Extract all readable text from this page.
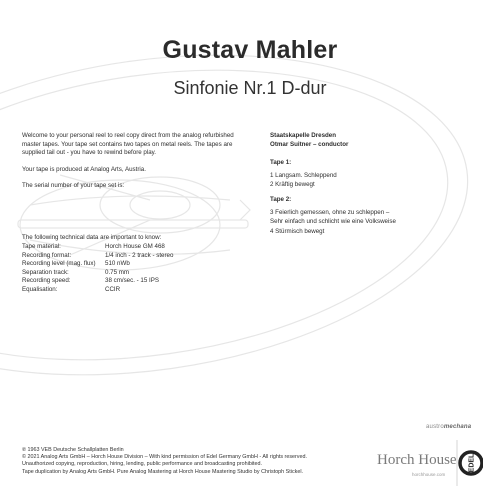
Gustav Mahler
Sinfonie Nr.1 D-dur
Welcome to your personal reel to reel copy direct from the analog refurbished master tapes. Your tape set contains two tapes on metal reels. The tapes are supplied tail out - you have to rewind before play.
Your tape is produced at Analog Arts, Austria.
The serial number of your tape set is:
The following technical data are important to know:
Tape material:	Horch House GM 468
Recording format:	1/4 inch - 2 track - stereo
Recording level (mag. flux)	510 nWb
Separation track:	0.75 mm
Recording speed:	38 cm/sec. - 15 IPS
Equalisation:	CCIR
Staatskapelle Dresden
Otmar Suitner – conductor
Tape 1:
1 Langsam. Schleppend
2 Kräftig bewegt
Tape 2:
3 Feierlich gemessen, ohne zu schleppen –
Sehr einfach und schlicht wie eine Volksweise
4 Stürmisch bewegt
℗ 1963 VEB Deutsche Schallplatten Berlin
© 2021 Analog Arts GmbH – Horch House Division – With kind permission of Edel Germany GmbH - All rights reserved.
Unauthorized copying, reproduction, hiring, lending, public performance and broadcasting prohibited.
Tape duplication by Analog Arts GmbH. Pure Analog Mastering at Horch House Mastering Studio by Christoph Stickel.
austromechana
Horch House
horchhouse.com
EDEL
